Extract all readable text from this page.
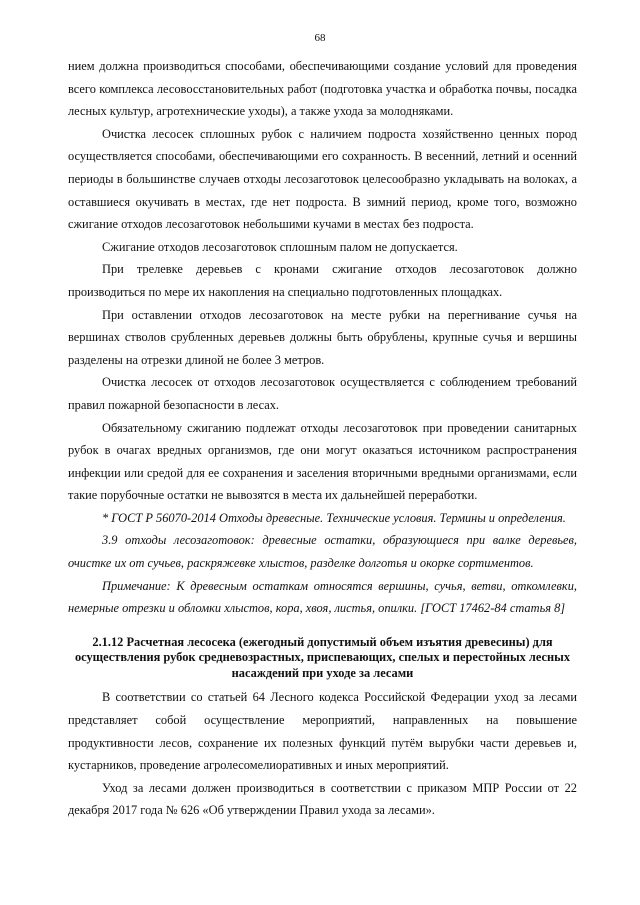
68

нием должна производиться способами, обеспечивающими создание условий для проведения всего комплекса лесовосстановительных работ (подготовка участка и обработка почвы, посадка лесных культур, агротехнические уходы), а также ухода за молодняками.

Очистка лесосек сплошных рубок с наличием подроста хозяйственно ценных пород осуществляется способами, обеспечивающими его сохранность. В весенний, летний и осенний периоды в большинстве случаев отходы лесозаготовок целесообразно укладывать на волоках, а оставшиеся окучивать в местах, где нет подроста. В зимний период, кроме того, возможно сжигание отходов лесозаготовок небольшими кучами в местах без подроста.

Сжигание отходов лесозаготовок сплошным палом не допускается.

При трелевке деревьев с кронами сжигание отходов лесозаготовок должно производиться по мере их накопления на специально подготовленных площадках.

При оставлении отходов лесозаготовок на месте рубки на перегнивание сучья на вершинах стволов срубленных деревьев должны быть обрублены, крупные сучья и вершины разделены на отрезки длиной не более 3 метров.

Очистка лесосек от отходов лесозаготовок осуществляется с соблюдением требований правил пожарной безопасности в лесах.

Обязательному сжиганию подлежат отходы лесозаготовок при проведении санитарных рубок в очагах вредных организмов, где они могут оказаться источником распространения инфекции или средой для ее сохранения и заселения вторичными вредными организмами, если такие порубочные остатки не вывозятся в места их дальнейшей переработки.

* ГОСТ Р 56070-2014 Отходы древесные. Технические условия. Термины и определения.

3.9 отходы лесозаготовок: древесные остатки, образующиеся при валке деревьев, очистке их от сучьев, раскряжевке хлыстов, разделке долготья и окорке сортиментов.

Примечание: К древесным остаткам относятся вершины, сучья, ветви, откомлевки, немерные отрезки и обломки хлыстов, кора, хвоя, листья, опилки. [ГОСТ 17462-84 статья 8]

2.1.12 Расчетная лесосека (ежегодный допустимый объем изъятия древесины) для осуществления рубок средневозрастных, приспевающих, спелых и перестойных лесных насаждений при уходе за лесами

В соответствии со статьей 64 Лесного кодекса Российской Федерации уход за лесами представляет собой осуществление мероприятий, направленных на повышение продуктивности лесов, сохранение их полезных функций путём вырубки части деревьев и, кустарников, проведение агролесомелиоративных и иных мероприятий.

Уход за лесами должен производиться в соответствии с приказом МПР России от 22 декабря 2017 года № 626 «Об утверждении Правил ухода за лесами».
